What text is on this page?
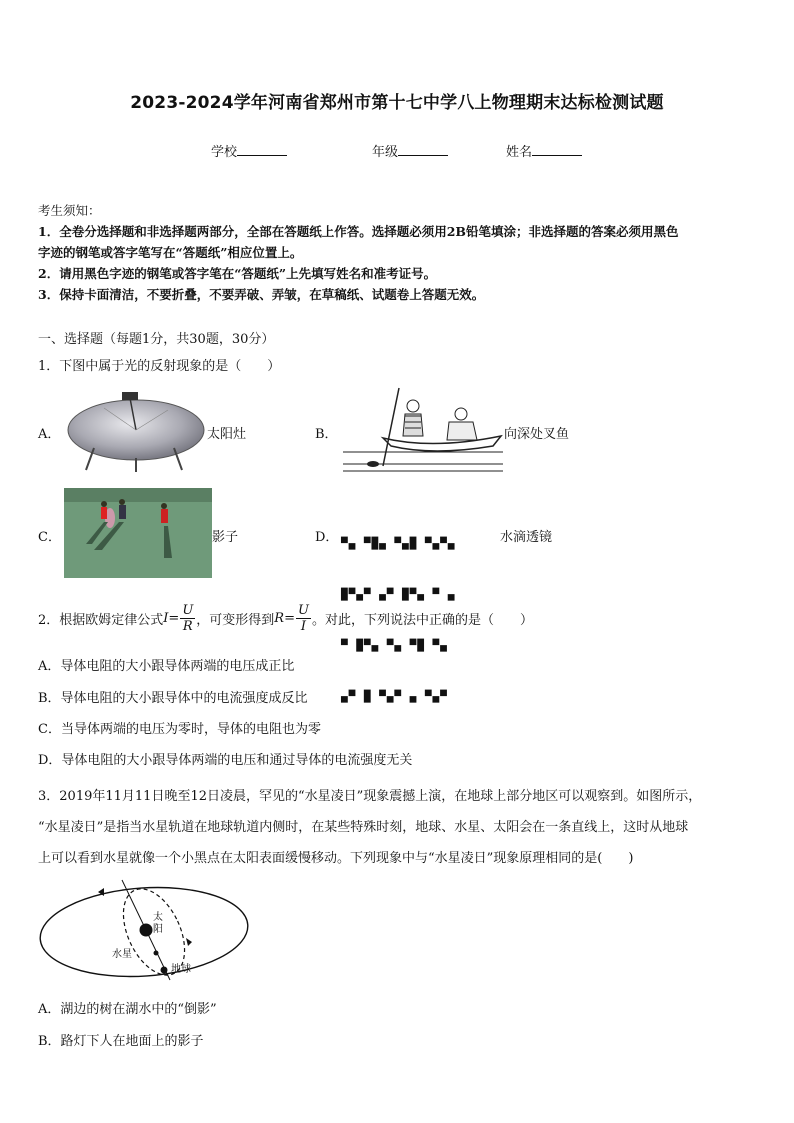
2023-2024学年河南省郑州市第十七中学八上物理期末达标检测试题
学校	年级	姓名
考生须知：
1．全卷分选择题和非选择题两部分，全部在答题纸上作答。选择题必须用2B铅笔填涂；非选择题的答案必须用黑色
字迹的钢笔或答字笔写在“答题纸”相应位置上。
2．请用黑色字迹的钢笔或答字笔在“答题纸”上先填写姓名和准考证号。
3．保持卡面清洁，不要折叠，不要弄破、弄皱，在草稿纸、试题卷上答题无效。
一、选择题（每题1分，共30题，30分）
1．下图中属于光的反射现象的是（　　）
A．	太阳灶	B．	向深处叉鱼
C．	影子	D．

▀▄ ▀█▄ ▀▄█ ▀▄▀▄

█▀▄▀ ▄▀ █▀▄ ▀ ▄

▀ █▀▄ ▀▄ ▀█ ▀▄

▄▀ █ ▀▄▀ ▄ ▀▄▀

水滴透镜
2．根据欧姆定律公式 $I= \frac{U}{R}$ ，可变形得到 $R= \frac{U}{I}$ 。对此，下列说法中正确的是（　　）
A．导体电阻的大小跟导体两端的电压成正比
B．导体电阻的大小跟导体中的电流强度成反比
C．当导体两端的电压为零时，导体的电阻也为零
D．导体电阻的大小跟导体两端的电压和通过导体的电流强度无关
3．2019年11月11日晚至12日凌晨，罕见的“水星凌日”现象震撼上演，在地球上部分地区可以观察到。如图所示，
“水星凌日”是指当水星轨道在地球轨道内侧时，在某些特殊时刻，地球、水星、太阳会在一条直线上，这时从地球
上可以看到水星就像一个小黑点在太阳表面缓慢移动。下列现象中与“水星凌日”现象原理相同的是(　　)
太阳
水星
地球
A．湖边的树在湖水中的“倒影”
B．路灯下人在地面上的影子
